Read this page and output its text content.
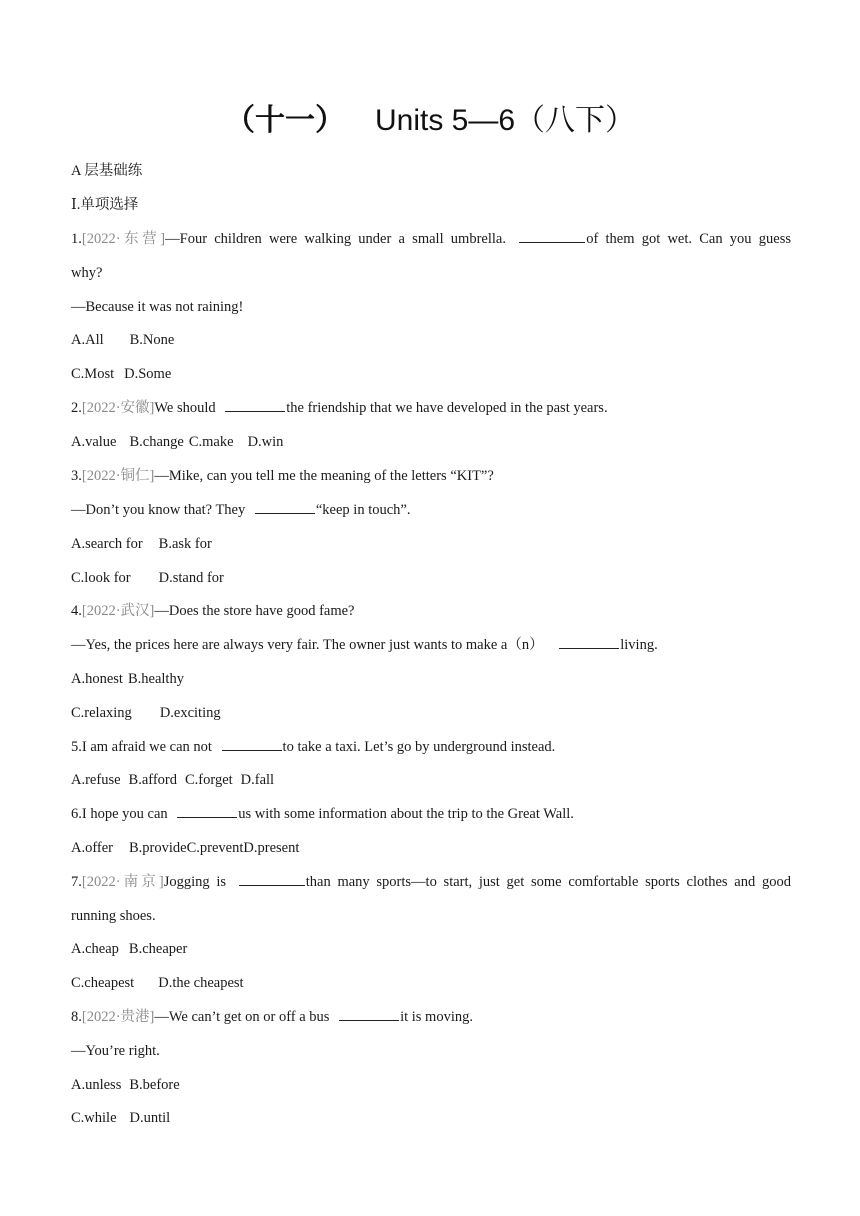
（十一） Units 5—6（八下）
A 层基础练
Ⅰ.单项选择
1.[2022·东营]—Four children were walking under a small umbrella.	of them got wet. Can you guess
why?
—Because it was not raining!
A.All B.None
C.Most D.Some
2.[2022·安徽]We should	the friendship that we have developed in the past years.
A.value B.change C.make D.win
3.[2022·铜仁]—Mike, can you tell me the meaning of the letters “KIT”?
—Don’t you know that? They	“keep in touch”.
A.search for B.ask for
C.look for D.stand for
4.[2022·武汉]—Does the store have good fame?
—Yes, the prices here are always very fair. The owner just wants to make a（n）	living.
A.honest B.healthy
C.relaxing D.exciting
5.I am afraid we can not	to take a taxi. Let’s go by underground instead.
A.refuse B.afford C.forget D.fall
6.I hope you can	us with some information about the trip to the Great Wall.
A.offer B.provideC.preventD.present
7.[2022·南京]Jogging is	than many sports—to start, just get some comfortable sports clothes and good
running shoes.
A.cheap B.cheaper
C.cheapest D.the cheapest
8.[2022·贵港]—We can’t get on or off a bus	it is moving.
—You’re right.
A.unless B.before
C.while D.until
